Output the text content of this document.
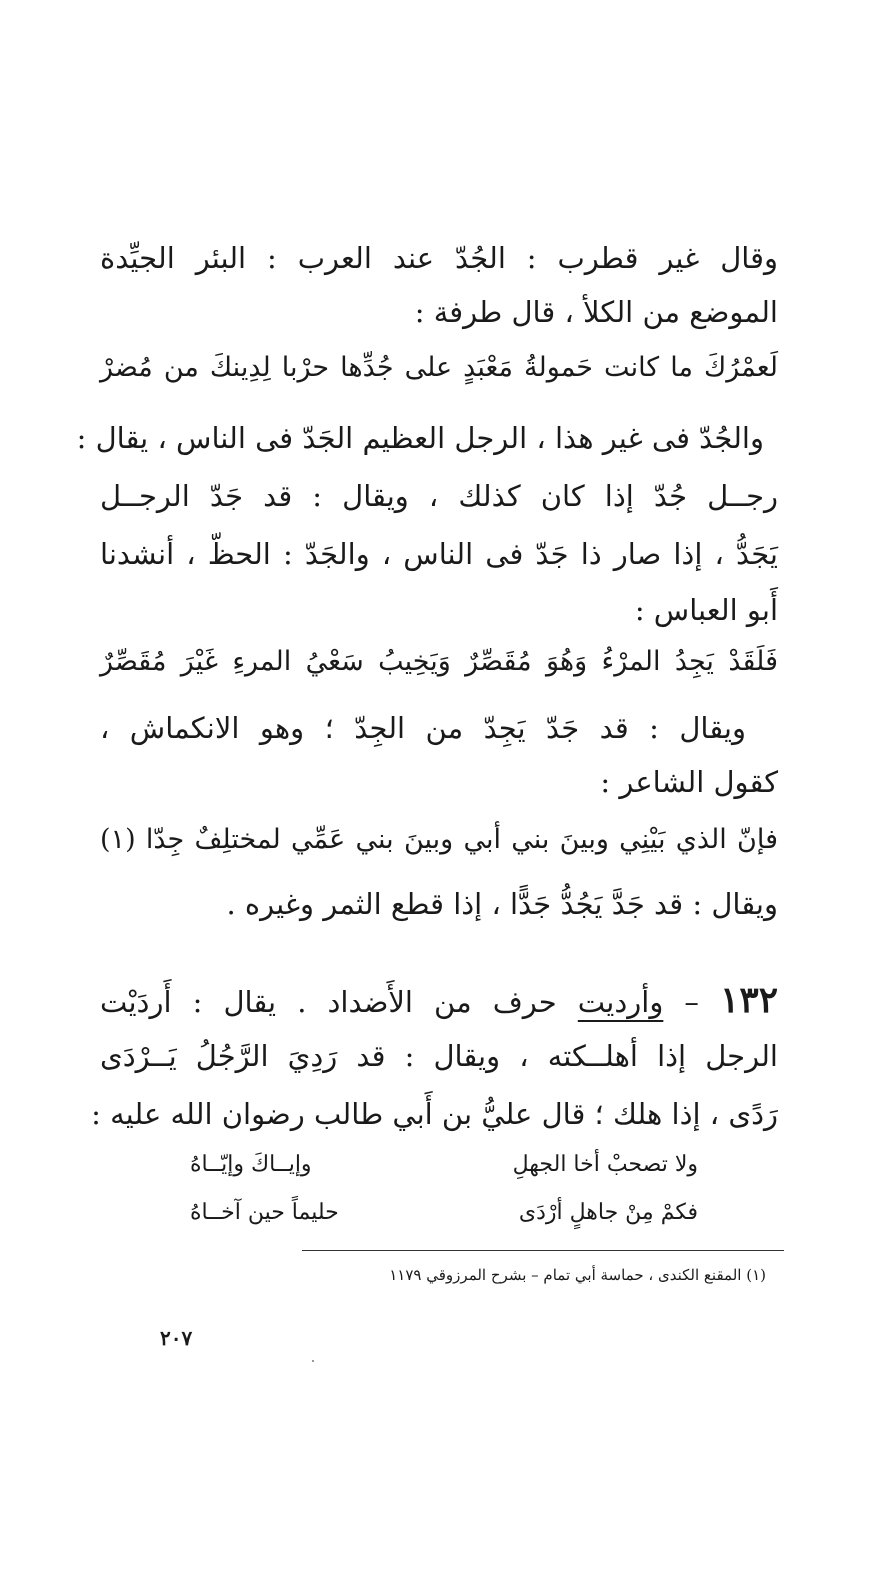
وقال غير قطرب : الجُدّ عند العرب : البئر الجيِّدة
الموضع من الكلأ ، قال طرفة :
لَعمْرُكَ ما كانت حَمولةُ مَعْبَدٍ على جُدِّها حرْبا لِدِينكَ من مُضرْ
والجُدّ فى غير هذا ، الرجل العظيم الجَدّ فى الناس ، يقال :
رجــل جُدّ إذا كان كذلك ، ويقال : قد جَدّ الرجــل
يَجَدُّ ، إذا صار ذا جَدّ فى الناس ، والجَدّ : الحظّ ، أنشدنا
أَبو العباس :
فَلَقَدْ يَجِدُ المرْءُ وَهُوَ مُقَصِّرٌ وَيَخِيبُ سَعْيُ المرءِ غَيْرَ مُقَصِّرٌ
ويقال : قد جَدّ يَجِدّ من الجِدّ ؛ وهو الانكماش ،
كقول الشاعر :
فإنّ الذي بَيْنِي وبينَ بني أبي وبينَ بني عَمِّي لمختلِفٌ جِدّا (١)
ويقال : قد جَدَّ يَجُدُّ جَدًّا ، إذا قطع الثمر وغيره .
١٣٢ – وأرديت حرف من الأَضداد . يقال : أَردَيْت
الرجل إذا أهلــكته ، ويقال : قد رَدِيَ الرَّجُلُ يَــرْدَى
رَدًى ، إذا هلك ؛ قال عليُّ بن أَبي طالب رضوان الله عليه :
ولا تصحبْ أخا الجهلِ
وإيــاكَ وإيّــاهُ
فكمْ مِنْ جاهلٍ أرْدَى
حليماً حين آخــاهُ
(١) المقنع الكندى ، حماسة أبي تمام – بشرح المرزوقي ١١٧٩
٢٠٧
